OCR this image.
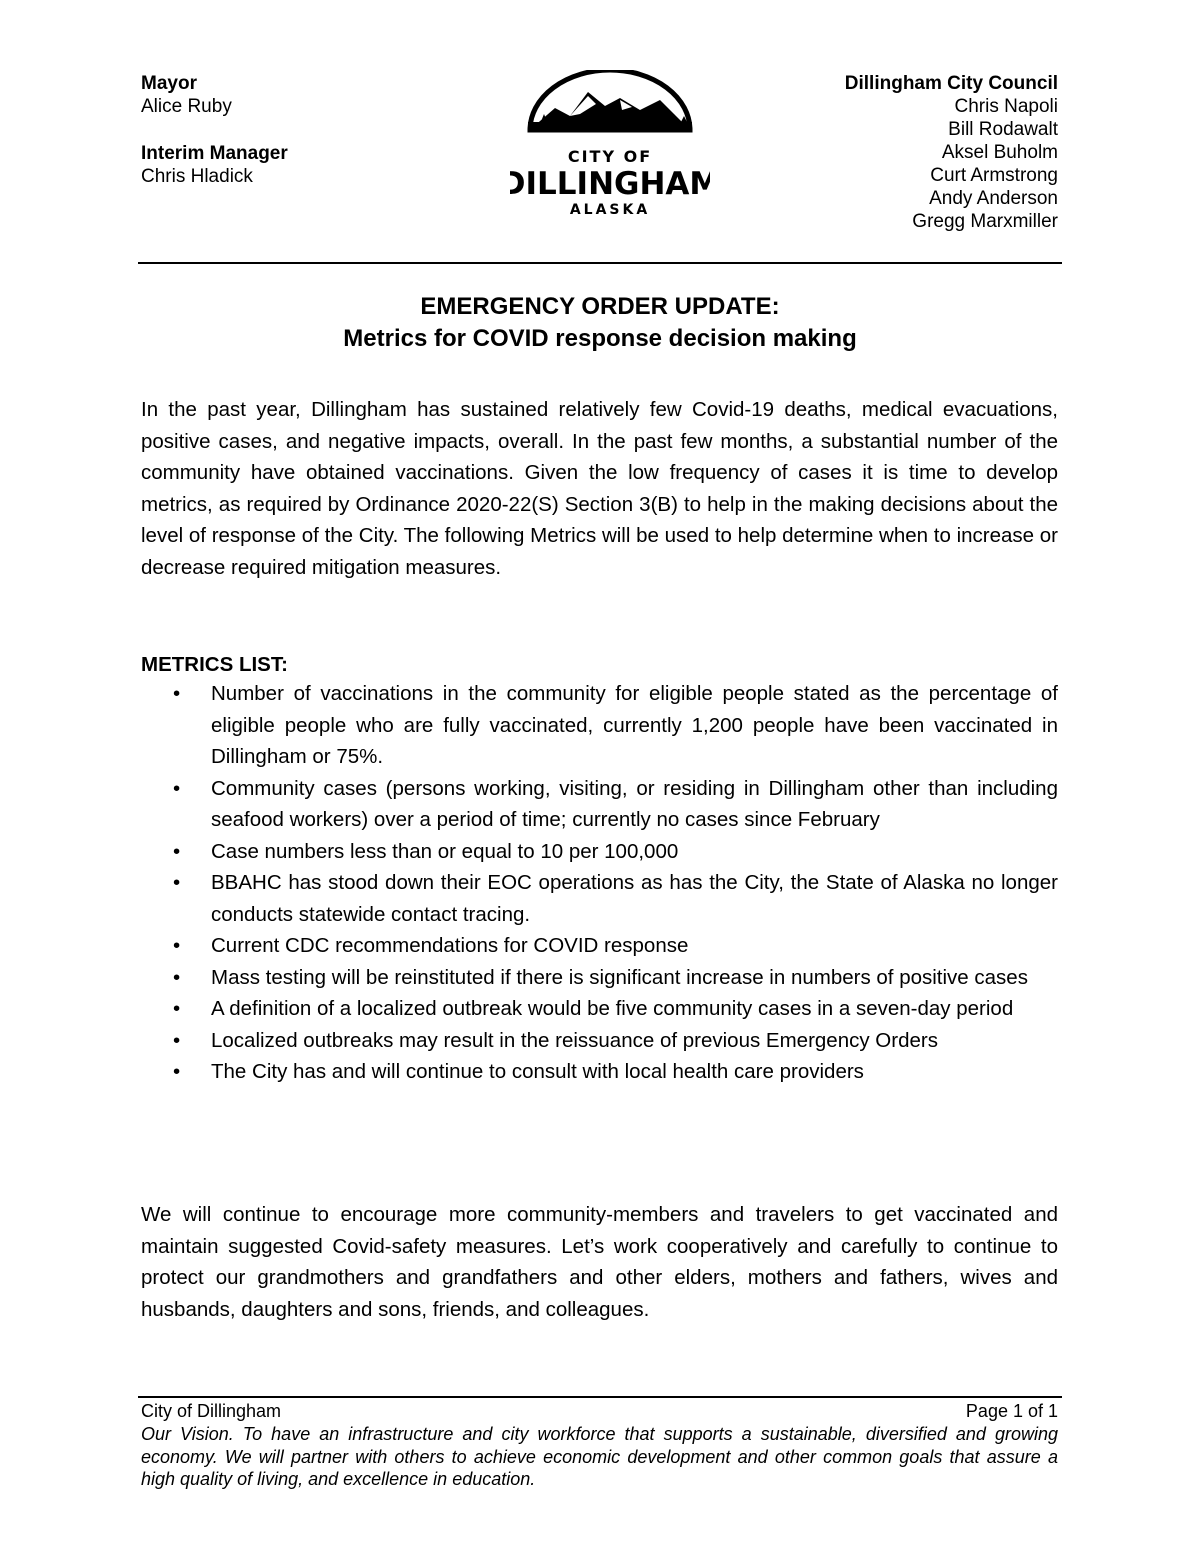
Mayor
Alice Ruby
Interim Manager
Chris Hladick
CITY OF
DILLINGHAM
ALASKA
Dillingham City Council
Chris Napoli
Bill Rodawalt
Aksel Buholm
Curt Armstrong
Andy Anderson
Gregg Marxmiller
EMERGENCY ORDER UPDATE:
Metrics for COVID response decision making
In the past year, Dillingham has sustained relatively few Covid-19 deaths, medical evacuations, positive cases, and negative impacts, overall. In the past few months, a substantial number of the community have obtained vaccinations. Given the low frequency of cases it is time to develop metrics, as required by Ordinance 2020-22(S) Section 3(B) to help in the making decisions about the level of response of the City. The following Metrics will be used to help determine when to increase or decrease required mitigation measures.
METRICS LIST:
• Number of vaccinations in the community for eligible people stated as the percentage of eligible people who are fully vaccinated, currently 1,200 people have been vaccinated in Dillingham or 75%.
• Community cases (persons working, visiting, or residing in Dillingham other than including seafood workers) over a period of time; currently no cases since February
• Case numbers less than or equal to 10 per 100,000
• BBAHC has stood down their EOC operations as has the City, the State of Alaska no longer conducts statewide contact tracing.
• Current CDC recommendations for COVID response
• Mass testing will be reinstituted if there is significant increase in numbers of positive cases
• A definition of a localized outbreak would be five community cases in a seven-day period
• Localized outbreaks may result in the reissuance of previous Emergency Orders
• The City has and will continue to consult with local health care providers
We will continue to encourage more community-members and travelers to get vaccinated and maintain suggested Covid-safety measures. Let’s work cooperatively and carefully to continue to protect our grandmothers and grandfathers and other elders, mothers and fathers, wives and husbands, daughters and sons, friends, and colleagues.
City of Dillingham	Page 1 of 1
Our Vision. To have an infrastructure and city workforce that supports a sustainable, diversified and growing economy. We will partner with others to achieve economic development and other common goals that assure a high quality of living, and excellence in education.
